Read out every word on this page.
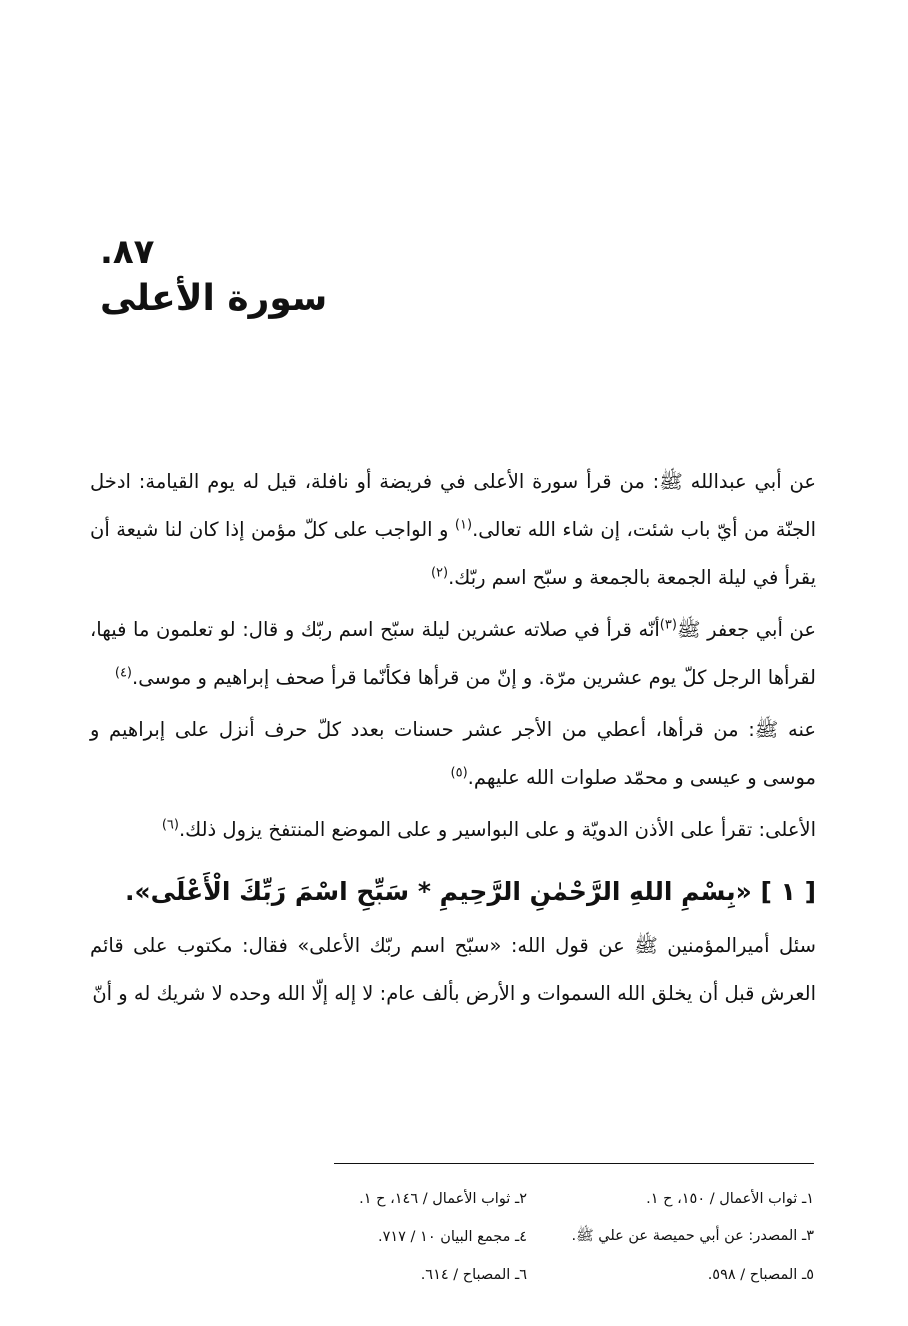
.٨٧
سورة الأعلى

عن أبي عبدالله ﷺ: من قرأ سورة الأعلى في فريضة أو نافلة، قيل له يوم القيامة: ادخل الجنّة من أيّ باب شئت، إن شاء الله تعالى.$^{(١)}$ و الواجب على كلّ مؤمن إذا كان لنا شيعة أن يقرأ في ليلة الجمعة بالجمعة و سبّح اسم ربّك.$^{(٢)}$

عن أبي جعفر ﷺ$^{(٣)}$أنّه قرأ في صلاته عشرين ليلة سبّح اسم ربّك و قال: لو تعلمون ما فيها، لقرأها الرجل كلّ يوم عشرين مرّة. و إنّ من قرأها فكأنّما قرأ صحف إبراهيم و موسى.$^{(٤)}$

عنه ﷺ: من قرأها، أعطي من الأجر عشر حسنات بعدد كلّ حرف أنزل على إبراهيم و موسى و عيسى و محمّد صلوات الله عليهم.$^{(٥)}$

الأعلى: تقرأ على الأذن الدويّة و على البواسير و على الموضع المنتفخ يزول ذلك.$^{(٦)}$

[ ١ ] «بِسْمِ اللهِ الرَّحْمٰنِ الرَّحِيمِ * سَبِّحِ اسْمَ رَبِّكَ الْأَعْلَى».

سئل أميرالمؤمنين ﷺ عن قول الله: «سبّح اسم ربّك الأعلى» فقال: مكتوب على قائم العرش قبل أن يخلق الله السموات و الأرض بألف عام: لا إله إلّا الله وحده لا شريك له و أنّ

١ـ ثواب الأعمال / ١٥٠، ح ١.
٢ـ ثواب الأعمال / ١٤٦، ح ١.
٣ـ المصدر: عن أبي حميصة عن علي ﷺ.
٤ـ مجمع البيان ١٠ / ٧١٧.
٥ـ المصباح / ٥٩٨.
٦ـ المصباح / ٦١٤.
